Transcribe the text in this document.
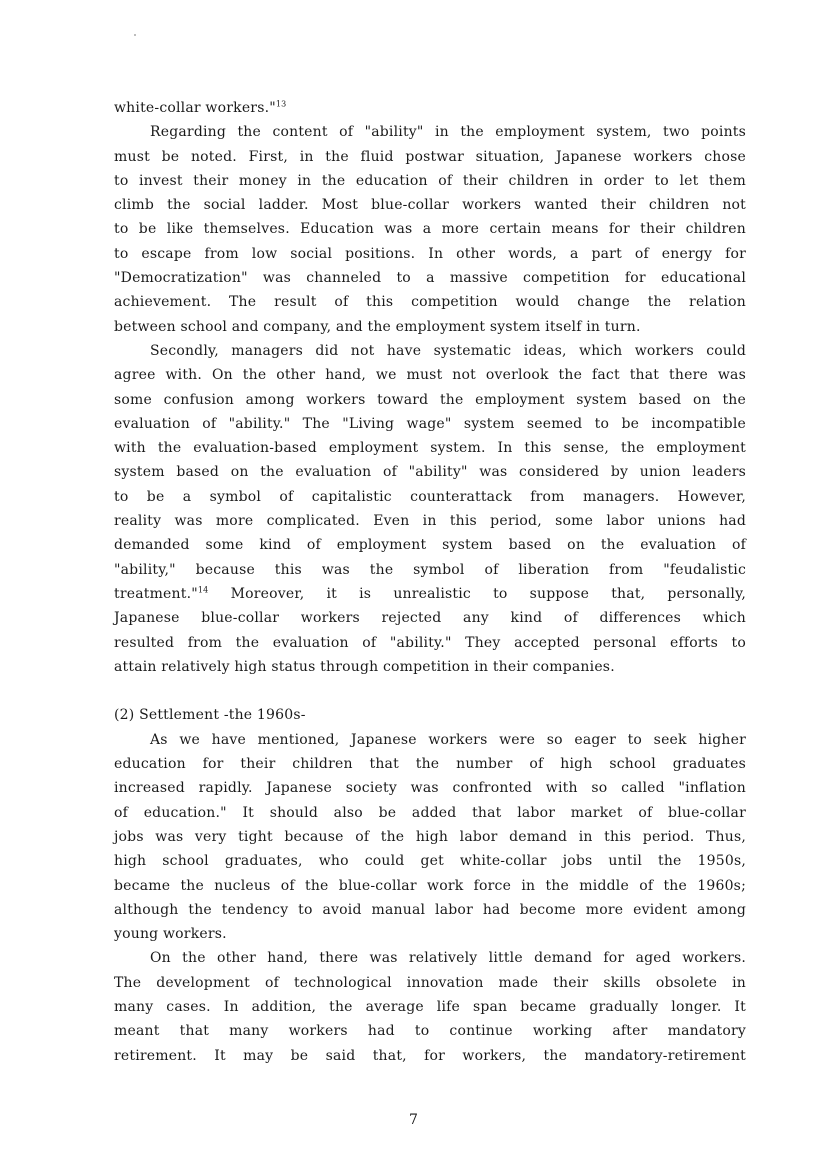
white-collar workers."$^{13}$
Regarding the content of "ability" in the employment system, two points
must be noted. First, in the fluid postwar situation, Japanese workers chose
to invest their money in the education of their children in order to let them
climb the social ladder. Most blue-collar workers wanted their children not
to be like themselves. Education was a more certain means for their children
to escape from low social positions. In other words, a part of energy for
"Democratization" was channeled to a massive competition for educational
achievement. The result of this competition would change the relation
between school and company, and the employment system itself in turn.
Secondly, managers did not have systematic ideas, which workers could
agree with. On the other hand, we must not overlook the fact that there was
some confusion among workers toward the employment system based on the
evaluation of "ability." The "Living wage" system seemed to be incompatible
with the evaluation-based employment system. In this sense, the employment
system based on the evaluation of "ability" was considered by union leaders
to be a symbol of capitalistic counterattack from managers. However,
reality was more complicated. Even in this period, some labor unions had
demanded some kind of employment system based on the evaluation of
"ability," because this was the symbol of liberation from "feudalistic
treatment."$^{14}$ Moreover, it is unrealistic to suppose that, personally,
Japanese blue-collar workers rejected any kind of differences which
resulted from the evaluation of "ability." They accepted personal efforts to
attain relatively high status through competition in their companies.
(2) Settlement -the 1960s-
As we have mentioned, Japanese workers were so eager to seek higher
education for their children that the number of high school graduates
increased rapidly. Japanese society was confronted with so called "inflation
of education." It should also be added that labor market of blue-collar
jobs was very tight because of the high labor demand in this period. Thus,
high school graduates, who could get white-collar jobs until the 1950s,
became the nucleus of the blue-collar work force in the middle of the 1960s;
although the tendency to avoid manual labor had become more evident among
young workers.
On the other hand, there was relatively little demand for aged workers.
The development of technological innovation made their skills obsolete in
many cases. In addition, the average life span became gradually longer. It
meant that many workers had to continue working after mandatory
retirement. It may be said that, for workers, the mandatory-retirement
7
